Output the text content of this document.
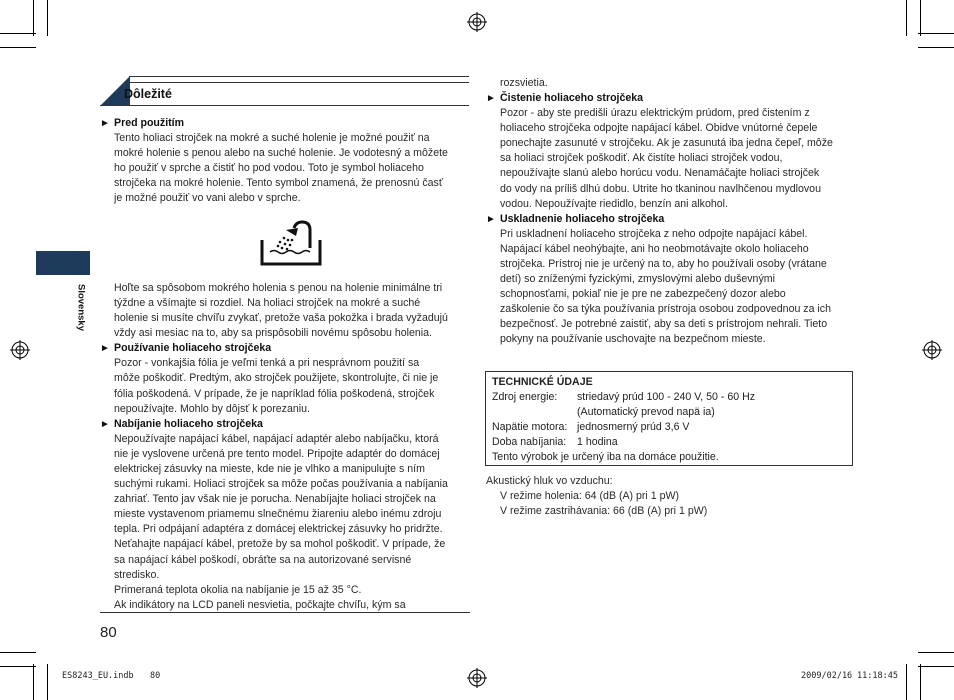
Slovensky
Dôležité
► Pred použitím
Tento holiaci strojček na mokré a suché holenie je možné použiť na
mokré holenie s penou alebo na suché holenie. Je vodotesný a môžete
ho použiť v sprche a čistiť ho pod vodou. Toto je symbol holiaceho
strojčeka na mokré holenie. Tento symbol znamená, že prenosnú časť
je možné použiť vo vani alebo v sprche.
Hoľte sa spôsobom mokrého holenia s penou na holenie minimálne tri
týždne a všímajte si rozdiel. Na holiaci strojček na mokré a suché
holenie si musíte chvíľu zvykať, pretože vaša pokožka i brada vyžadujú
vždy asi mesiac na to, aby sa prispôsobili novému spôsobu holenia.
► Používanie holiaceho strojčeka
Pozor - vonkajšia fólia je veľmi tenká a pri nesprávnom použití sa
môže poškodiť. Predtým, ako strojček použijete, skontrolujte, či nie je
fólia poškodená. V prípade, že je napríklad fólia poškodená, strojček
nepoužívajte. Mohlo by dôjsť k porezaniu.
► Nabíjanie holiaceho strojčeka
Nepoužívajte napájací kábel, napájací adaptér alebo nabíjačku, ktorá
nie je vyslovene určená pre tento model. Pripojte adaptér do domácej
elektrickej zásuvky na mieste, kde nie je vlhko a manipulujte s ním
suchými rukami. Holiaci strojček sa môže počas používania a nabíjania
zahriať. Tento jav však nie je porucha. Nenabíjajte holiaci strojček na
mieste vystavenom priamemu slnečnému žiareniu alebo inému zdroju
tepla. Pri odpájaní adaptéra z domácej elektrickej zásuvky ho pridržte.
Neťahajte napájací kábel, pretože by sa mohol poškodiť. V prípade, že
sa napájací kábel poškodí, obráťte sa na autorizované servisné
stredisko.
Primeraná teplota okolia na nabíjanie je 15 až 35 °C.
Ak indikátory na LCD paneli nesvietia, počkajte chvíľu, kým sa
rozsvietia.
► Čistenie holiaceho strojčeka
Pozor - aby ste predišli úrazu elektrickým prúdom, pred čistením z
holiaceho strojčeka odpojte napájací kábel. Obidve vnútorné čepele
ponechajte zasunuté v strojčeku. Ak je zasunutá iba jedna čepeľ, môže
sa holiaci strojček poškodiť. Ak čistíte holiaci strojček vodou,
nepoužívajte slanú alebo horúcu vodu. Nenamáčajte holiaci strojček
do vody na príliš dlhú dobu. Utrite ho tkaninou navlhčenou mydlovou
vodou. Nepoužívajte riedidlo, benzín ani alkohol.
► Uskladnenie holiaceho strojčeka
Pri uskladnení holiaceho strojčeka z neho odpojte napájací kábel.
Napájací kábel neohýbajte, ani ho neobmotávajte okolo holiaceho
strojčeka. Prístroj nie je určený na to, aby ho používali osoby (vrátane
detí) so zníženými fyzickými, zmyslovými alebo duševnými
schopnosťami, pokiaľ nie je pre ne zabezpečený dozor alebo
zaškolenie čo sa týka používania prístroja osobou zodpovednou za ich
bezpečnosť. Je potrebné zaistiť, aby sa deti s prístrojom nehrali. Tieto
pokyny na používanie uschovajte na bezpečnom mieste.
TECHNICKÉ ÚDAJE
Zdroj energie:	striedavý prúd 100 - 240 V, 50 - 60 Hz
(Automatický prevod napä ia)
Napätie motora: jednosmerný prúd 3,6 V
Doba nabíjania:	1 hodina
Tento výrobok je určený iba na domáce použitie.
Akustický hluk vo vzduchu:
V režime holenia: 64 (dB (A) pri 1 pW)
V režime zastrihávania: 66 (dB (A) pri 1 pW)
80
ES8243_EU.indb 80	2009/02/16 11:18:45
